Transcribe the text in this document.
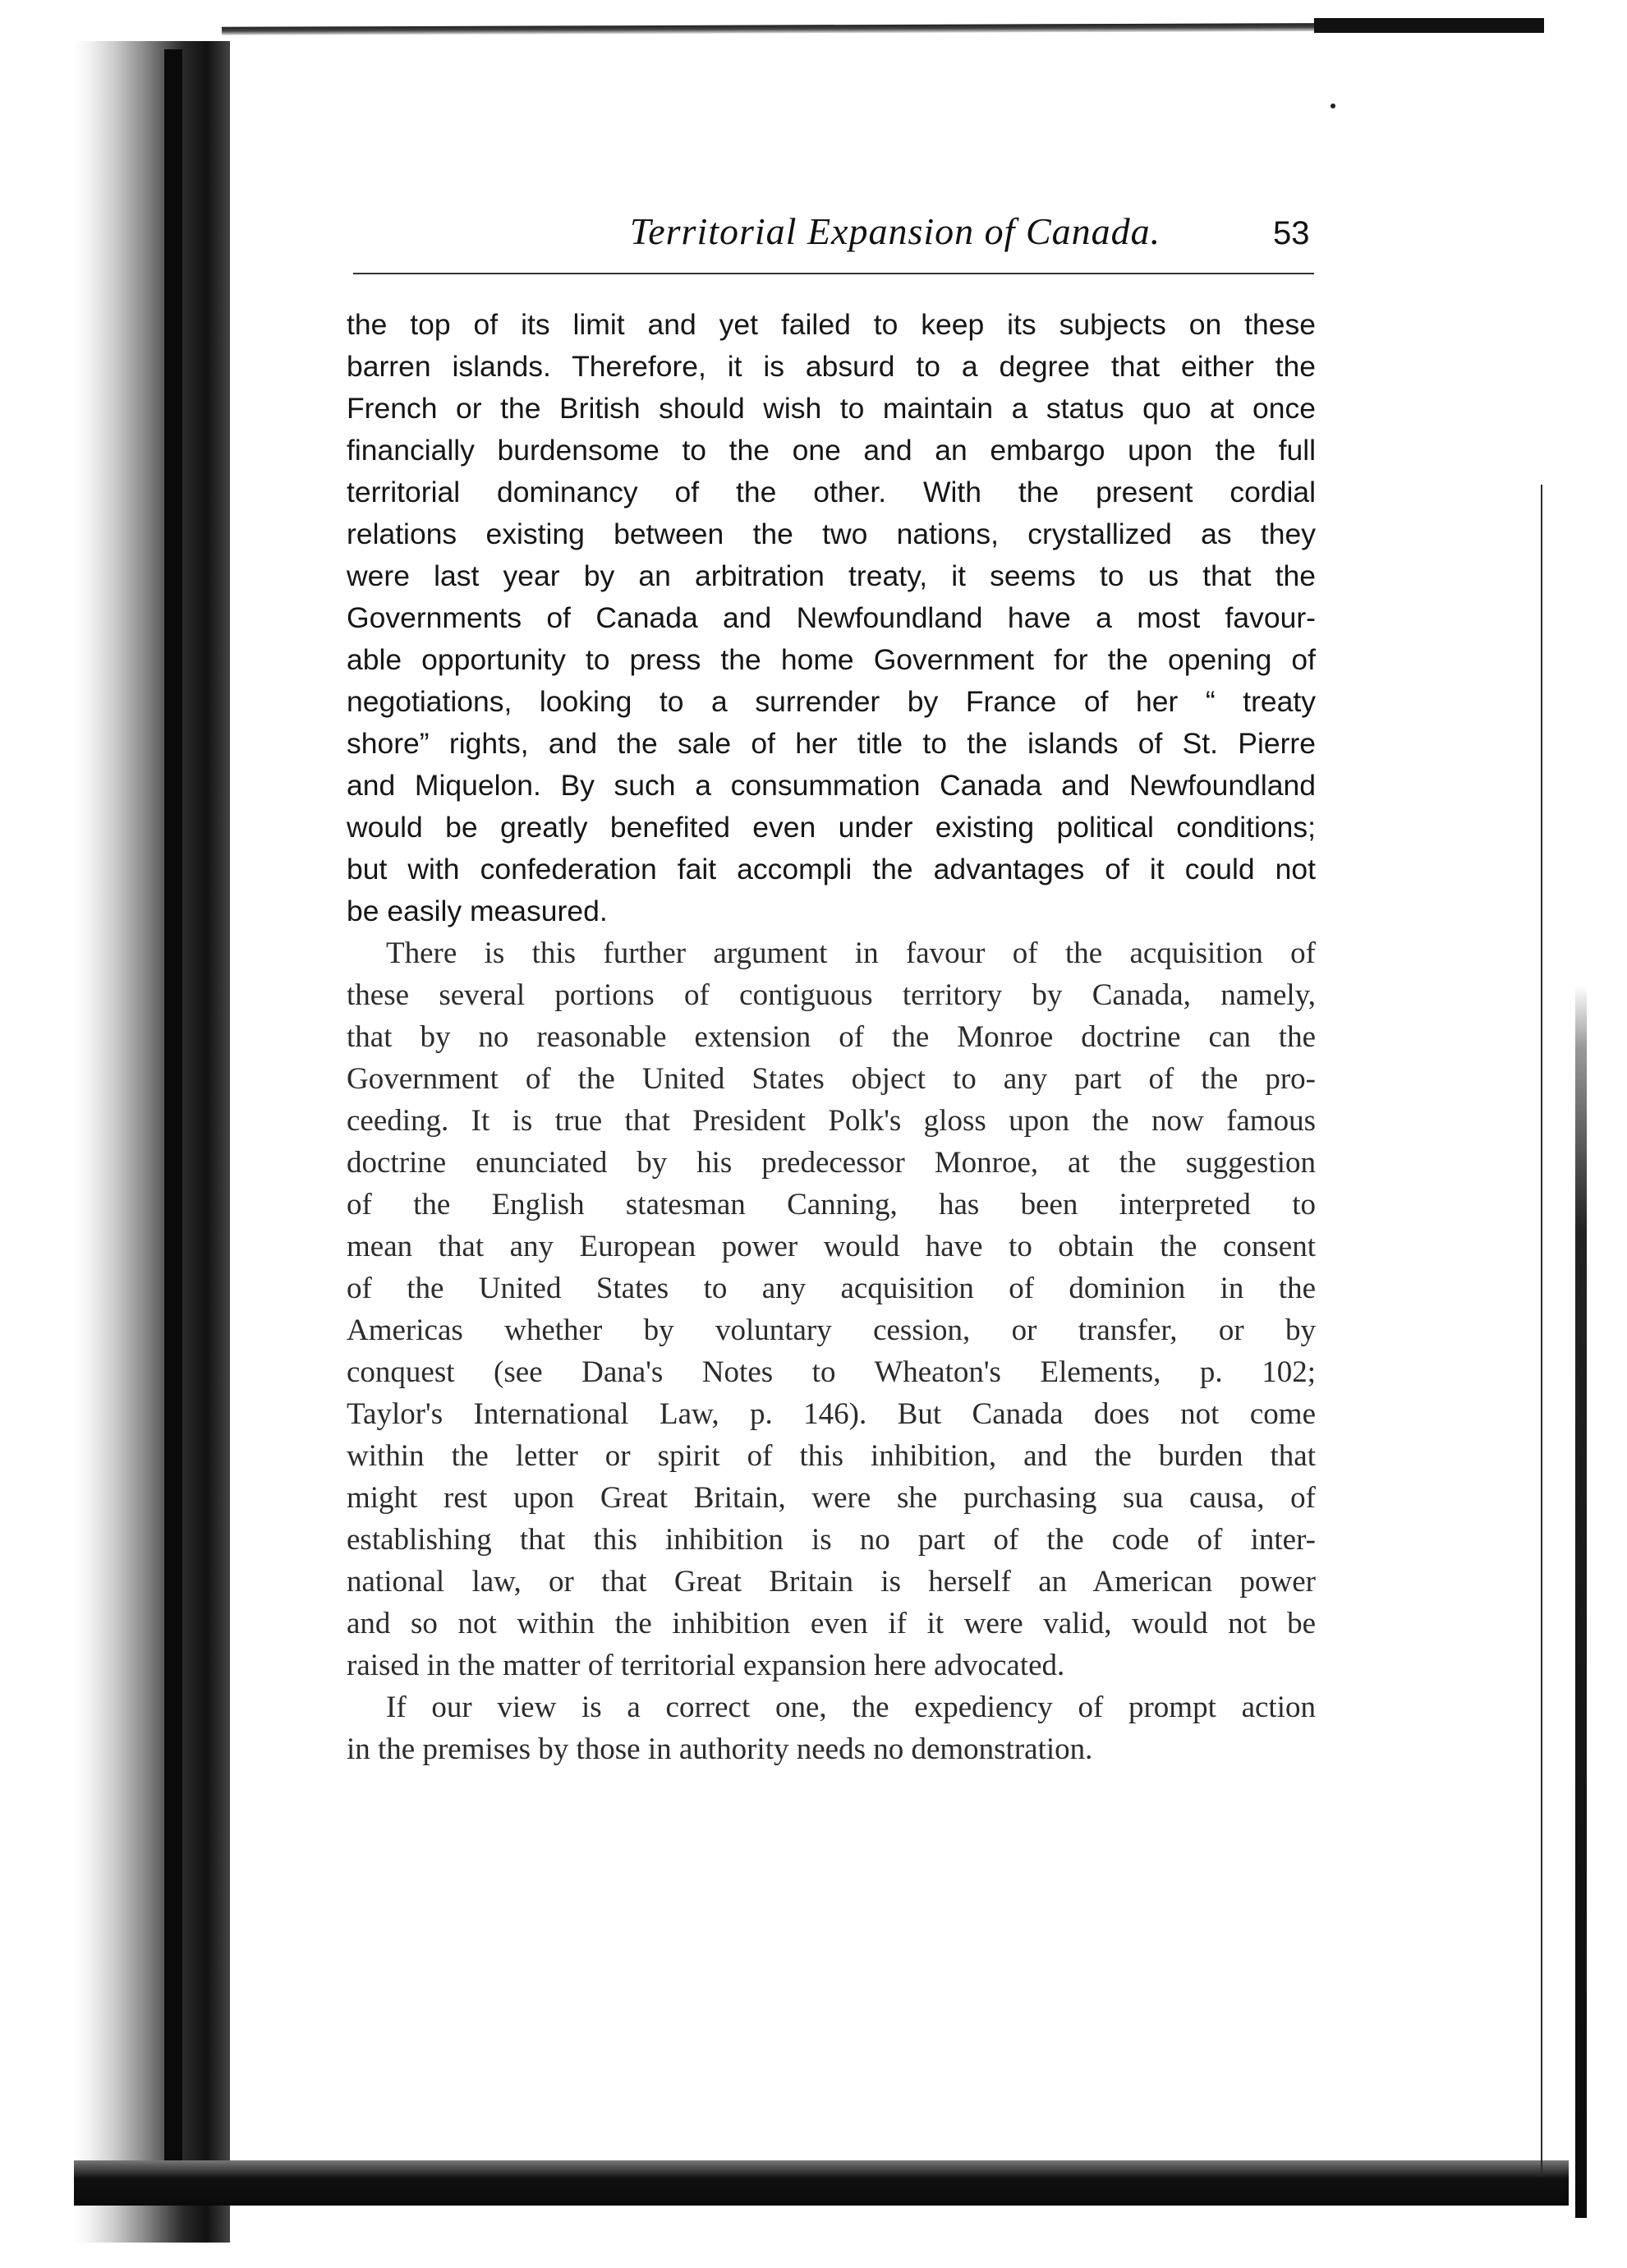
Territorial Expansion of Canada.	53
the top of its limit and yet failed to keep its subjects on these
barren islands. Therefore, it is absurd to a degree that either the
French or the British should wish to maintain a status quo at once
financially burdensome to the one and an embargo upon the full
territorial dominancy of the other. With the present cordial
relations existing between the two nations, crystallized as they
were last year by an arbitration treaty, it seems to us that the
Governments of Canada and Newfoundland have a most favour-
able opportunity to press the home Government for the opening of
negotiations, looking to a surrender by France of her “ treaty
shore” rights, and the sale of her title to the islands of St. Pierre
and Miquelon. By such a consummation Canada and Newfoundland
would be greatly benefited even under existing political conditions;
but with confederation fait accompli the advantages of it could not
be easily measured.
There is this further argument in favour of the acquisition of
these several portions of contiguous territory by Canada, namely,
that by no reasonable extension of the Monroe doctrine can the
Government of the United States object to any part of the pro-
ceeding. It is true that President Polk's gloss upon the now famous
doctrine enunciated by his predecessor Monroe, at the suggestion
of the English statesman Canning, has been interpreted to
mean that any European power would have to obtain the consent
of the United States to any acquisition of dominion in the
Americas whether by voluntary cession, or transfer, or by
conquest (see Dana's Notes to Wheaton's Elements, p. 102;
Taylor's International Law, p. 146). But Canada does not come
within the letter or spirit of this inhibition, and the burden that
might rest upon Great Britain, were she purchasing sua causa, of
establishing that this inhibition is no part of the code of inter-
national law, or that Great Britain is herself an American power
and so not within the inhibition even if it were valid, would not be
raised in the matter of territorial expansion here advocated.
If our view is a correct one, the expediency of prompt action
in the premises by those in authority needs no demonstration.
